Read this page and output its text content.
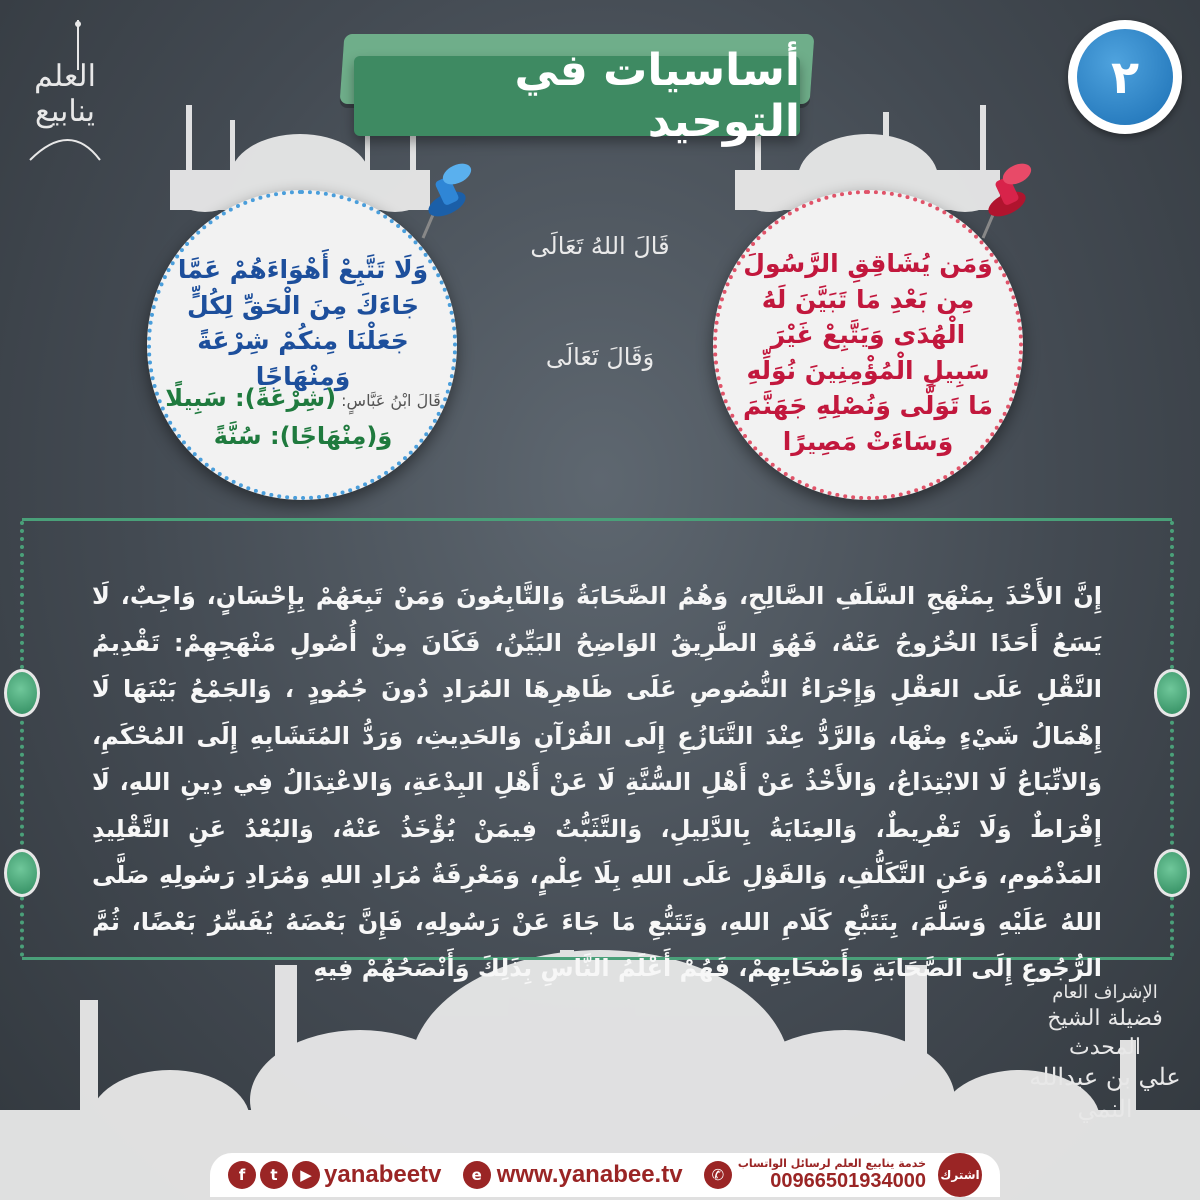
العلم
ينابيع
أساسيات في التوحيد
٢
وَمَن يُشَاقِقِ الرَّسُولَ مِن بَعْدِ مَا تَبَيَّنَ لَهُ الْهُدَى وَيَتَّبِعْ غَيْرَ سَبِيلِ الْمُؤْمِنِينَ نُوَلِّهِ مَا تَوَلَّى وَنُصْلِهِ جَهَنَّمَ وَسَاءَتْ مَصِيرًا
وَلَا تَتَّبِعْ أَهْوَاءَهُمْ عَمَّا جَاءَكَ مِنَ الْحَقِّ لِكُلٍّ جَعَلْنَا مِنكُمْ شِرْعَةً وَمِنْهَاجًا
قَالَ ابْنُ عَبَّاسٍ: (شِرْعَةً): سَبِيلًا
وَ(مِنْهَاجًا): سُنَّةً
قَالَ اللهُ تَعَالَى
وَقَالَ تَعَالَى
إِنَّ الأَخْذَ بِمَنْهَجِ السَّلَفِ الصَّالِحِ، وَهُمُ الصَّحَابَةُ وَالتَّابِعُونَ وَمَنْ تَبِعَهُمْ بِإِحْسَانٍ، وَاجِبٌ، لَا يَسَعُ أَحَدًا الخُرُوجُ عَنْهُ، فَهُوَ الطَّرِيقُ الوَاضِحُ البَيِّنُ، فَكَانَ مِنْ أُصُولِ مَنْهَجِهِمْ: تَقْدِيمُ النَّقْلِ عَلَى العَقْلِ وَإِجْرَاءُ النُّصُوصِ عَلَى ظَاهِرِهَا المُرَادِ دُونَ جُمُودٍ ، وَالجَمْعُ بَيْنَهَا لَا إِهْمَالُ شَيْءٍ مِنْهَا، وَالرَّدُّ عِنْدَ التَّنَازُعِ إِلَى القُرْآنِ وَالحَدِيثِ، وَرَدُّ المُتَشَابِهِ إِلَى المُحْكَمِ، وَالاتِّبَاعُ لَا الابْتِدَاعُ، وَالأَخْذُ عَنْ أَهْلِ السُّنَّةِ لَا عَنْ أَهْلِ البِدْعَةِ، وَالاعْتِدَالُ فِي دِينِ اللهِ، لَا إِفْرَاطٌ وَلَا تَفْرِيطٌ، وَالعِنَايَةُ بِالدَّلِيلِ، وَالتَّثَبُّتُ فِيمَنْ يُؤْخَذُ عَنْهُ، وَالبُعْدُ عَنِ التَّقْلِيدِ المَذْمُومِ، وَعَنِ التَّكَلُّفِ، وَالقَوْلِ عَلَى اللهِ بِلَا عِلْمٍ، وَمَعْرِفَةُ مُرَادِ اللهِ وَمُرَادِ رَسُولِهِ صَلَّى اللهُ عَلَيْهِ وَسَلَّمَ، بِتَتَبُّعِ كَلَامِ اللهِ، وَتَتَبُّعِ مَا جَاءَ عَنْ رَسُولِهِ، فَإِنَّ بَعْضَهُ يُفَسِّرُ بَعْضًا، ثُمَّ الرُّجُوعِ إِلَى الصَّحَابَةِ وَأَصْحَابِهِمْ، فَهُمْ أَعْلَمُ النَّاسِ بِذَلِكَ وَأَنْصَحُهُمْ فِيهِ
الإشراف العام
فضيلة الشيخ المحدث
علي بن عبدالله النمي
f	t	▶ yanabeetv	e www.yanabee.tv	✆
خدمة ينابيع العلم لرسائل الواتساب
00966501934000 اشترك
